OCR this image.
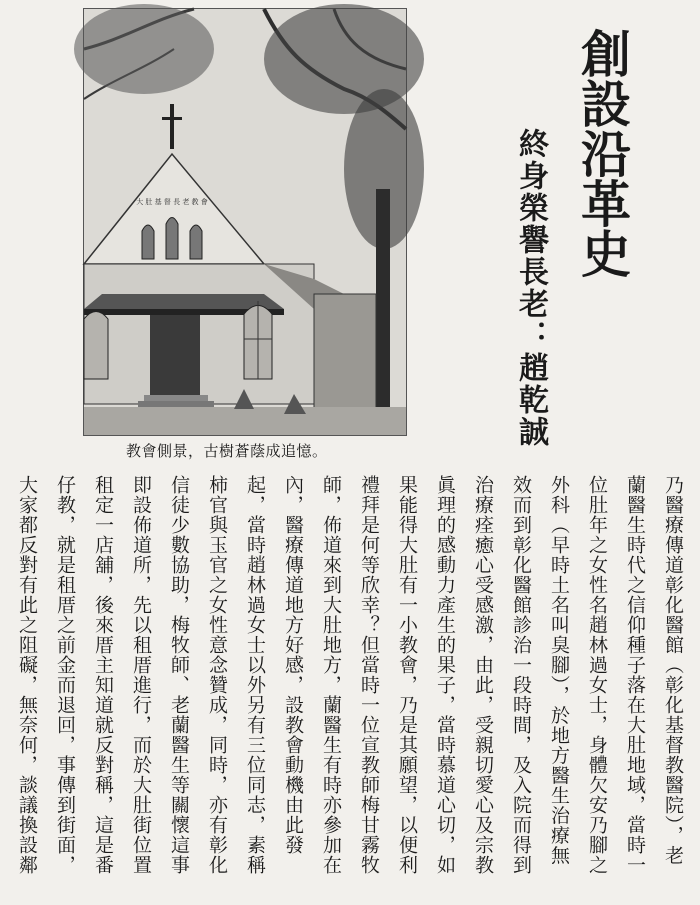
大 肚 基 督 長 老 教 會
教會側景，古樹蒼蔭成追憶。
創設沿革史
終身榮譽長老：趙乾誠

乃醫療傳道彰化醫館（彰化基督教醫院），老蘭醫生時代之信仰種子落在大肚地域，當時一位肚年之女性名趙林過女士，身體欠安乃腳之外科（早時土名叫臭腳），於地方醫生治療無效而到彰化醫館診治一段時間，及入院而得到治療痊癒心受感激，由此，受親切愛心及宗教眞理的感動力產生的果子，當時慕道心切，如果能得大肚有一小教會，乃是其願望，以便利禮拜是何等欣幸？但當時一位宣教師梅甘霧牧師，佈道來到大肚地方，蘭醫生有時亦參加在內，醫療傳道地方好感，設教會動機由此發起，當時趙林過女士以外另有三位同志，素稱柿官與玉官之女性意念贊成，同時，亦有彰化信徒少數協助，梅牧師、老蘭醫生等關懷這事即設佈道所，先以租厝進行，而於大肚街位置租定一店舖，後來厝主知道就反對稱，這是番仔教，就是租厝之前金而退回，事傳到街面，大家都反對有此之阻礙，無奈何，談議換設鄰
